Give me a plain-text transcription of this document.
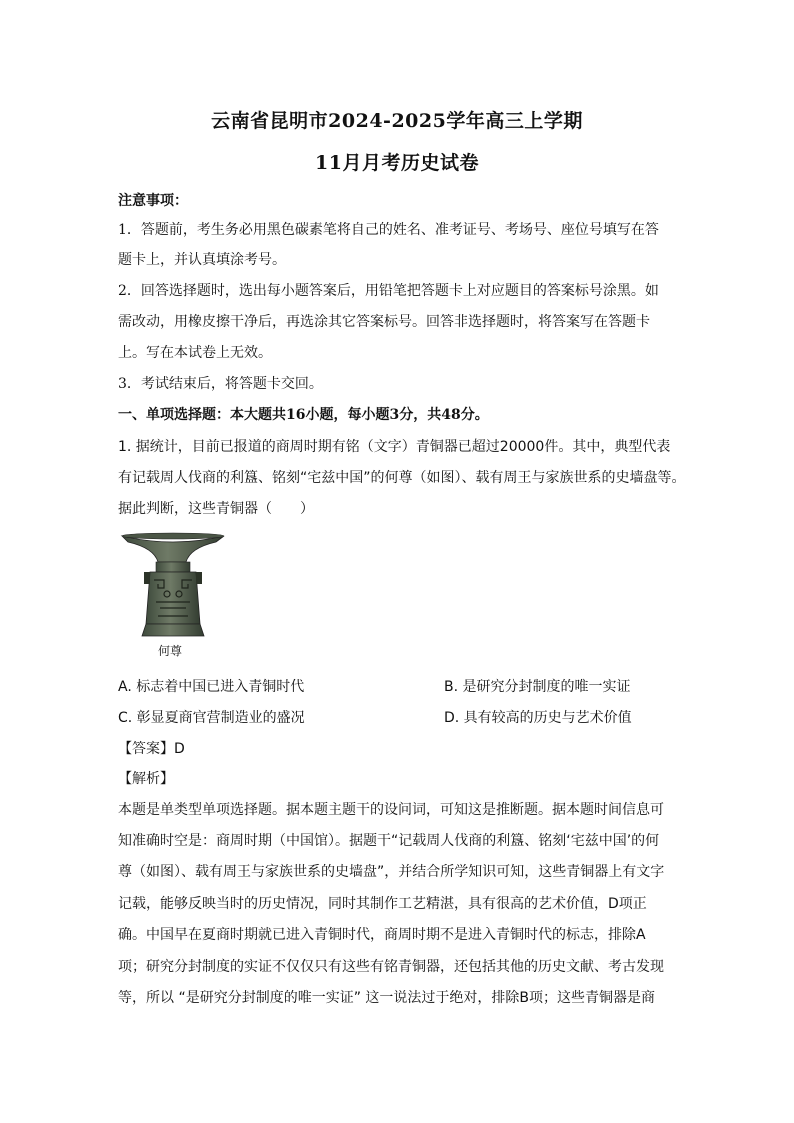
云南省昆明市2024-2025学年高三上学期
11月月考历史试卷
注意事项：
1．答题前，考生务必用黑色碳素笔将自己的姓名、准考证号、考场号、座位号填写在答
题卡上，并认真填涂考号。
2．回答选择题时，选出每小题答案后，用铅笔把答题卡上对应题目的答案标号涂黑。如
需改动，用橡皮擦干净后，再选涂其它答案标号。回答非选择题时，将答案写在答题卡
上。写在本试卷上无效。
3．考试结束后，将答题卡交回。
一、单项选择题：本大题共16小题，每小题3分，共48分。
1. 据统计，目前已报道的商周时期有铭（文字）青铜器已超过20000件。其中，典型代表
有记载周人伐商的利簋、铭刻“宅兹中国”的何尊（如图）、载有周王与家族世系的史墙盘等。
据此判断，这些青铜器（　　）
何尊
A. 标志着中国已进入青铜时代	B. 是研究分封制度的唯一实证
C. 彰显夏商官营制造业的盛况	D. 具有较高的历史与艺术价值
【答案】D
【解析】
本题是单类型单项选择题。据本题主题干的设问词，可知这是推断题。据本题时间信息可
知准确时空是：商周时期（中国馆）。据题干“记载周人伐商的利簋、铭刻‘宅兹中国’的何
尊（如图）、载有周王与家族世系的史墙盘”，并结合所学知识可知，这些青铜器上有文字
记载，能够反映当时的历史情况，同时其制作工艺精湛，具有很高的艺术价值，D项正
确。中国早在夏商时期就已进入青铜时代，商周时期不是进入青铜时代的标志，排除A
项；研究分封制度的实证不仅仅只有这些有铭青铜器，还包括其他的历史文献、考古发现
等，所以 “是研究分封制度的唯一实证” 这一说法过于绝对，排除B项；这些青铜器是商
